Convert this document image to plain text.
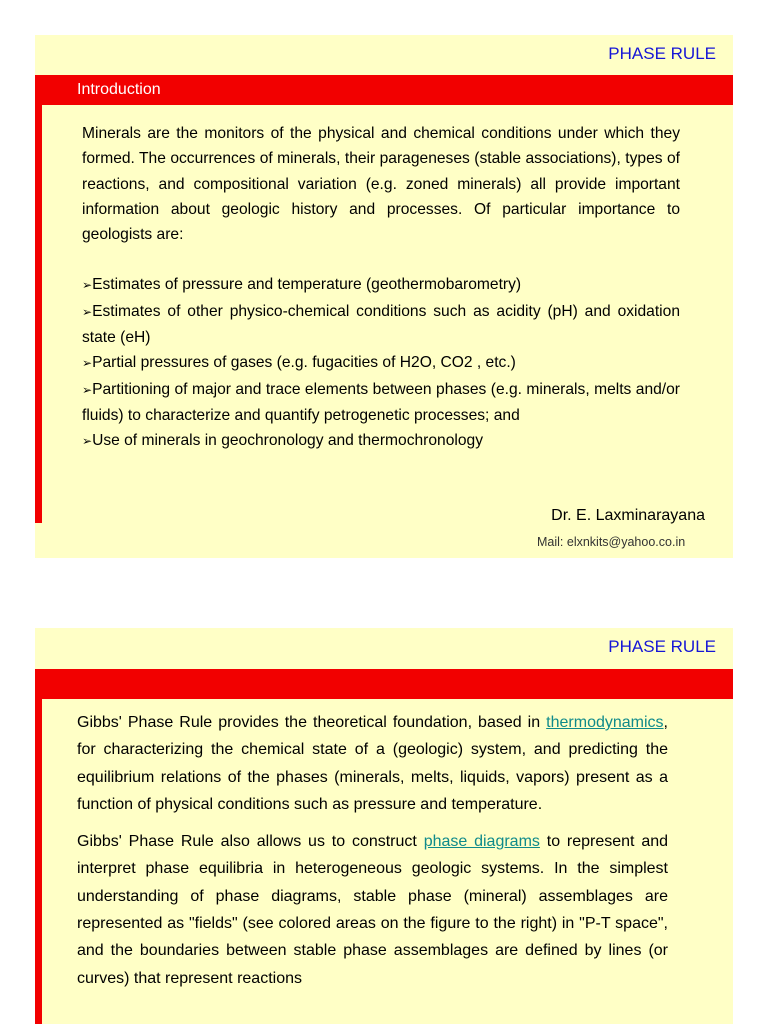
PHASE RULE
Introduction

Minerals are the monitors of the physical and chemical conditions under which they formed. The occurrences of minerals, their parageneses (stable associations), types of reactions, and compositional variation (e.g. zoned minerals) all provide important information about geologic history and processes. Of particular importance to geologists are:

➢Estimates of pressure and temperature (geothermobarometry)

➢Estimates of other physico-chemical conditions such as acidity (pH) and oxidation state (eH)

➢Partial pressures of gases (e.g. fugacities of H2O, CO2 , etc.)

➢Partitioning of major and trace elements between phases (e.g. minerals, melts and/or fluids) to characterize and quantify petrogenetic processes; and

➢Use of minerals in geochronology and thermochronology

Dr. E. Laxminarayana
Mail: elxnkits@yahoo.co.in
PHASE RULE

Gibbs' Phase Rule provides the theoretical foundation, based in thermodynamics, for characterizing the chemical state of a (geologic) system, and predicting the equilibrium relations of the phases (minerals, melts, liquids, vapors) present as a function of physical conditions such as pressure and temperature.

Gibbs' Phase Rule also allows us to construct phase diagrams to represent and interpret phase equilibria in heterogeneous geologic systems. In the simplest understanding of phase diagrams, stable phase (mineral) assemblages are represented as "fields" (see colored areas on the figure to the right) in "P-T space", and the boundaries between stable phase assemblages are defined by lines (or curves) that represent reactions
